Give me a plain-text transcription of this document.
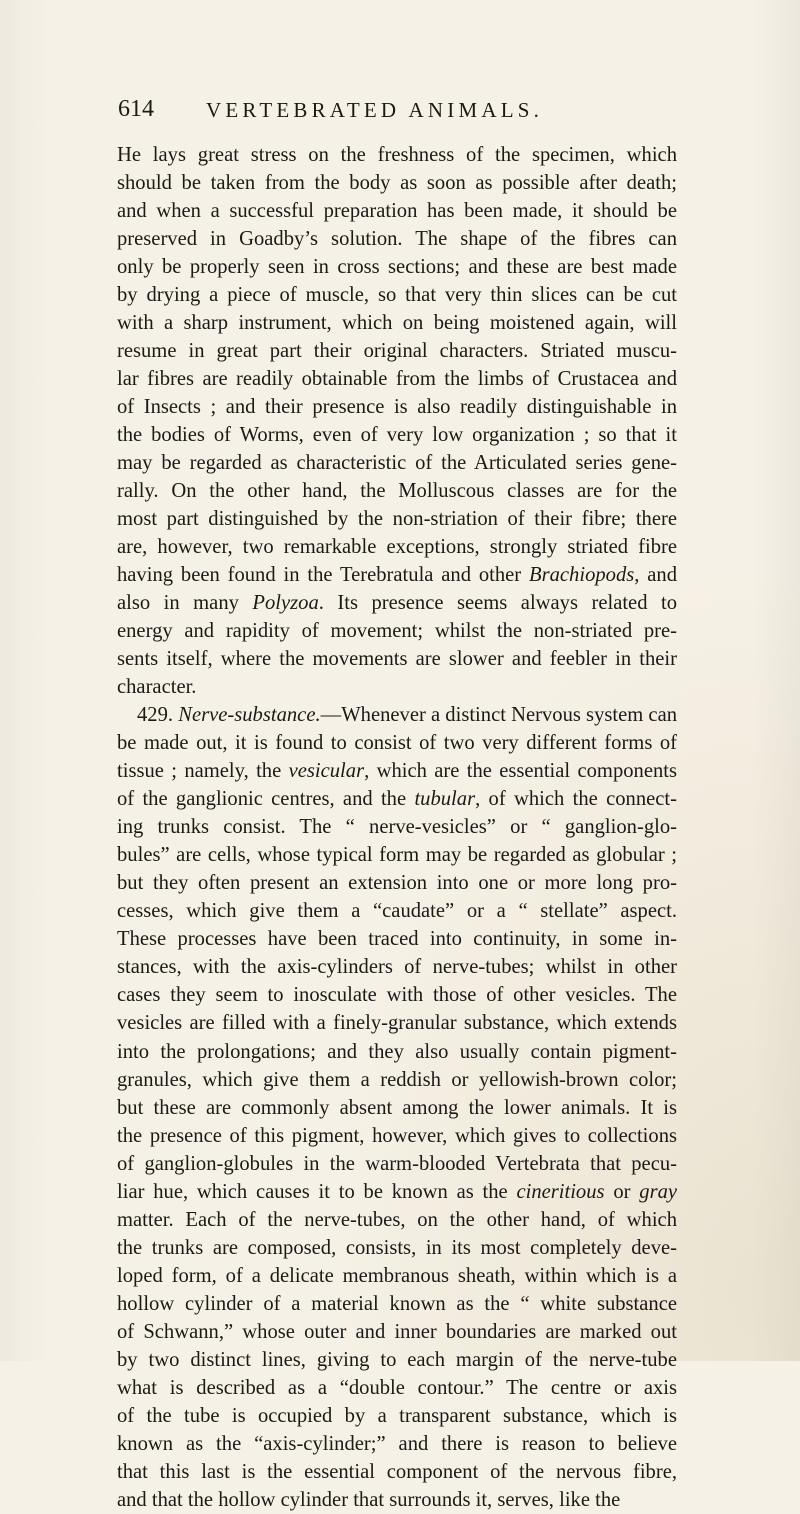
614 VERTEBRATED ANIMALS.
He lays great stress on the freshness of the specimen, which
should be taken from the body as soon as possible after death;
and when a successful preparation has been made, it should be
preserved in Goadby’s solution. The shape of the fibres can
only be properly seen in cross sections; and these are best made
by drying a piece of muscle, so that very thin slices can be cut
with a sharp instrument, which on being moistened again, will
resume in great part their original characters. Striated muscu-
lar fibres are readily obtainable from the limbs of Crustacea and
of Insects ; and their presence is also readily distinguishable in
the bodies of Worms, even of very low organization ; so that it
may be regarded as characteristic of the Articulated series gene-
rally. On the other hand, the Molluscous classes are for the
most part distinguished by the non-striation of their fibre; there
are, however, two remarkable exceptions, strongly striated fibre
having been found in the Terebratula and other Brachiopods, and
also in many Polyzoa. Its presence seems always related to
energy and rapidity of movement; whilst the non-striated pre-
sents itself, where the movements are slower and feebler in their
character.
429. Nerve-substance.—Whenever a distinct Nervous system can
be made out, it is found to consist of two very different forms of
tissue ; namely, the vesicular, which are the essential components
of the ganglionic centres, and the tubular, of which the connect-
ing trunks consist. The “ nerve-vesicles” or “ ganglion-glo-
bules” are cells, whose typical form may be regarded as globular ;
but they often present an extension into one or more long pro-
cesses, which give them a “caudate” or a “ stellate” aspect.
These processes have been traced into continuity, in some in-
stances, with the axis-cylinders of nerve-tubes; whilst in other
cases they seem to inosculate with those of other vesicles. The
vesicles are filled with a finely-granular substance, which extends
into the prolongations; and they also usually contain pigment-
granules, which give them a reddish or yellowish-brown color;
but these are commonly absent among the lower animals. It is
the presence of this pigment, however, which gives to collections
of ganglion-globules in the warm-blooded Vertebrata that pecu-
liar hue, which causes it to be known as the cineritious or gray
matter. Each of the nerve-tubes, on the other hand, of which
the trunks are composed, consists, in its most completely deve-
loped form, of a delicate membranous sheath, within which is a
hollow cylinder of a material known as the “ white substance
of Schwann,” whose outer and inner boundaries are marked out
by two distinct lines, giving to each margin of the nerve-tube
what is described as a “double contour.” The centre or axis
of the tube is occupied by a transparent substance, which is
known as the “axis-cylinder;” and there is reason to believe
that this last is the essential component of the nervous fibre,
and that the hollow cylinder that surrounds it, serves, like the
